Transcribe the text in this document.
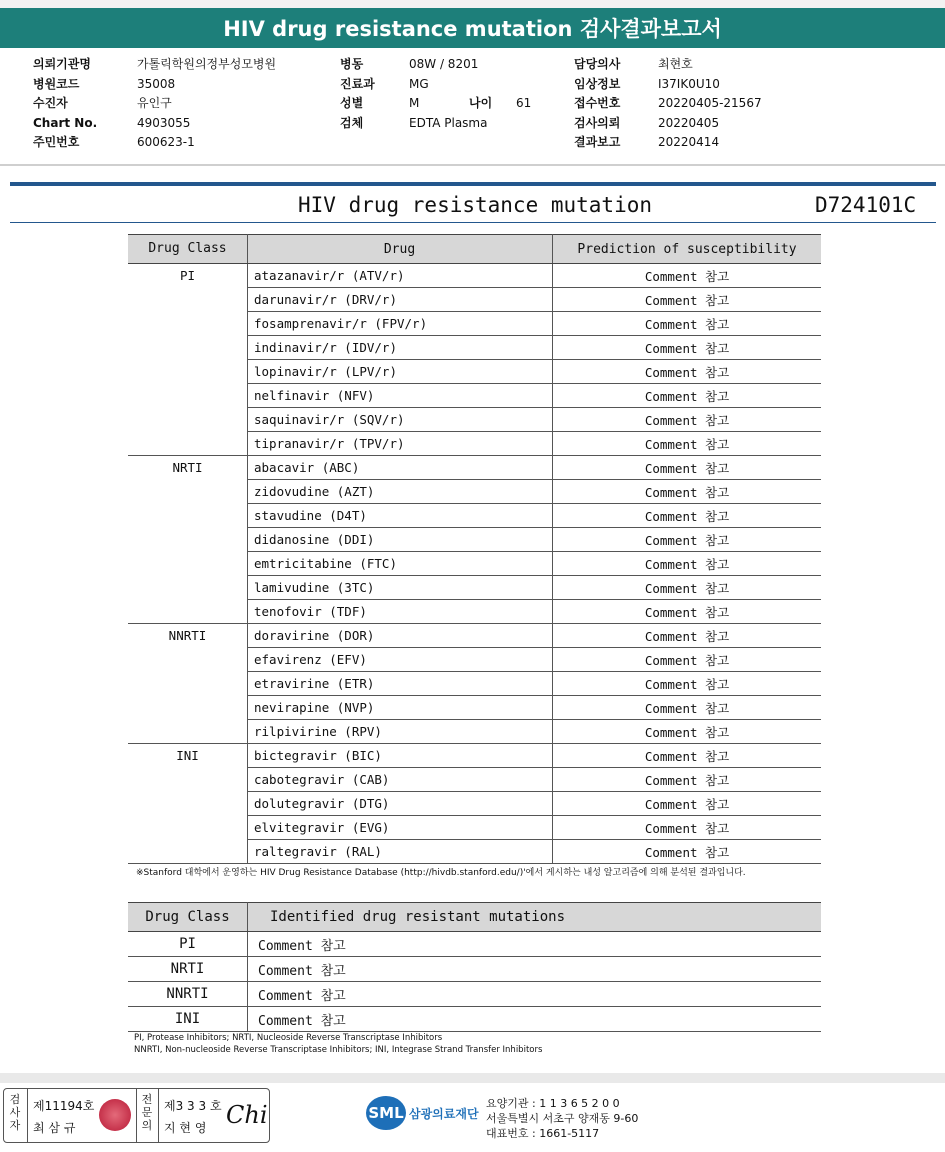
HIV drug resistance mutation 검사결과보고서
의뢰기관명	가톨릭학원의정부성모병원
병원코드	35008
수진자	유인구
Chart No.	4903055
주민번호	600623-1
병동	08W / 8201
진료과	MG
성별	M	나이	61
검체	EDTA Plasma
담당의사	최현호
임상정보	I37IK0U10
접수번호	20220405-21567
검사의뢰	20220405
결과보고	20220414
HIV drug resistance mutation	D724101C
Drug Class	Drug	Prediction of susceptibility
PI	atazanavir/r (ATV/r)	Comment 참고
	darunavir/r (DRV/r)	Comment 참고
	fosamprenavir/r (FPV/r)	Comment 참고
	indinavir/r (IDV/r)	Comment 참고
	lopinavir/r (LPV/r)	Comment 참고
	nelfinavir (NFV)	Comment 참고
	saquinavir/r (SQV/r)	Comment 참고
	tipranavir/r (TPV/r)	Comment 참고
NRTI	abacavir (ABC)	Comment 참고
	zidovudine (AZT)	Comment 참고
	stavudine (D4T)	Comment 참고
	didanosine (DDI)	Comment 참고
	emtricitabine (FTC)	Comment 참고
	lamivudine (3TC)	Comment 참고
	tenofovir (TDF)	Comment 참고
NNRTI	doravirine (DOR)	Comment 참고
	efavirenz (EFV)	Comment 참고
	etravirine (ETR)	Comment 참고
	nevirapine (NVP)	Comment 참고
	rilpivirine (RPV)	Comment 참고
INI	bictegravir (BIC)	Comment 참고
	cabotegravir (CAB)	Comment 참고
	dolutegravir (DTG)	Comment 참고
	elvitegravir (EVG)	Comment 참고
	raltegravir (RAL)	Comment 참고
※Stanford 대학에서 운영하는 HIV Drug Resistance Database (http://hivdb.stanford.edu/)'에서 게시하는 내성 알고리즘에 의해 분석된 결과입니다.
Drug Class	Identified drug resistant mutations
PI	Comment 참고
NRTI	Comment 참고
NNRTI	Comment 참고
INI	Comment 참고
PI, Protease Inhibitors; NRTI, Nucleoside Reverse Transcriptase Inhibitors
NNRTI, Non-nucleoside Reverse Transcriptase Inhibitors; INI, Integrase Strand Transfer Inhibitors
검
사
자
제11194호
최 삼 규
전
문
의
제3 3 3 호
지 현 영 Chi	SML 삼광의료재단
요양기관 : 1 1 3 6 5 2 0 0
서울특별시 서초구 양재동 9-60
대표번호 : 1661-5117
